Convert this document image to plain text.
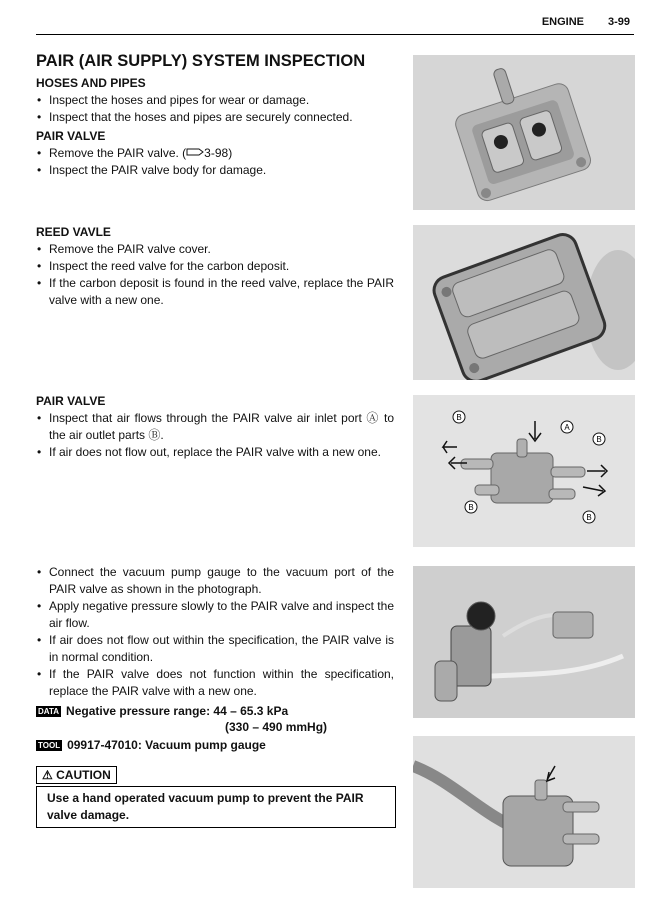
ENGINE 3-99
PAIR (AIR SUPPLY) SYSTEM INSPECTION
HOSES AND PIPES
• Inspect the hoses and pipes for wear or damage.
• Inspect that the hoses and pipes are securely connected.
PAIR VALVE
• Remove the PAIR valve. ( 3-98)
• Inspect the PAIR valve body for damage.
REED VAVLE
• Remove the PAIR valve cover.
• Inspect the reed valve for the carbon deposit.
• If the carbon deposit is found in the reed valve, replace the PAIR valve with a new one.
PAIR VALVE
• Inspect that air flows through the PAIR valve air inlet port Ⓐ to the air outlet parts Ⓑ.
• If air does not flow out, replace the PAIR valve with a new one.
• Connect the vacuum pump gauge to the vacuum port of the PAIR valve as shown in the photograph.
• Apply negative pressure slowly to the PAIR valve and inspect the air flow.
• If air does not flow out within the specification, the PAIR valve is in normal condition.
• If the PAIR valve does not function within the specification, replace the PAIR valve with a new one.
DATA Negative pressure range: 44 – 65.3 kPa
(330 – 490 mmHg)
TOOL 09917-47010: Vacuum pump gauge
⚠ CAUTION
Use a hand operated vacuum pump to prevent the PAIR valve damage.
B
A
B
B
B
